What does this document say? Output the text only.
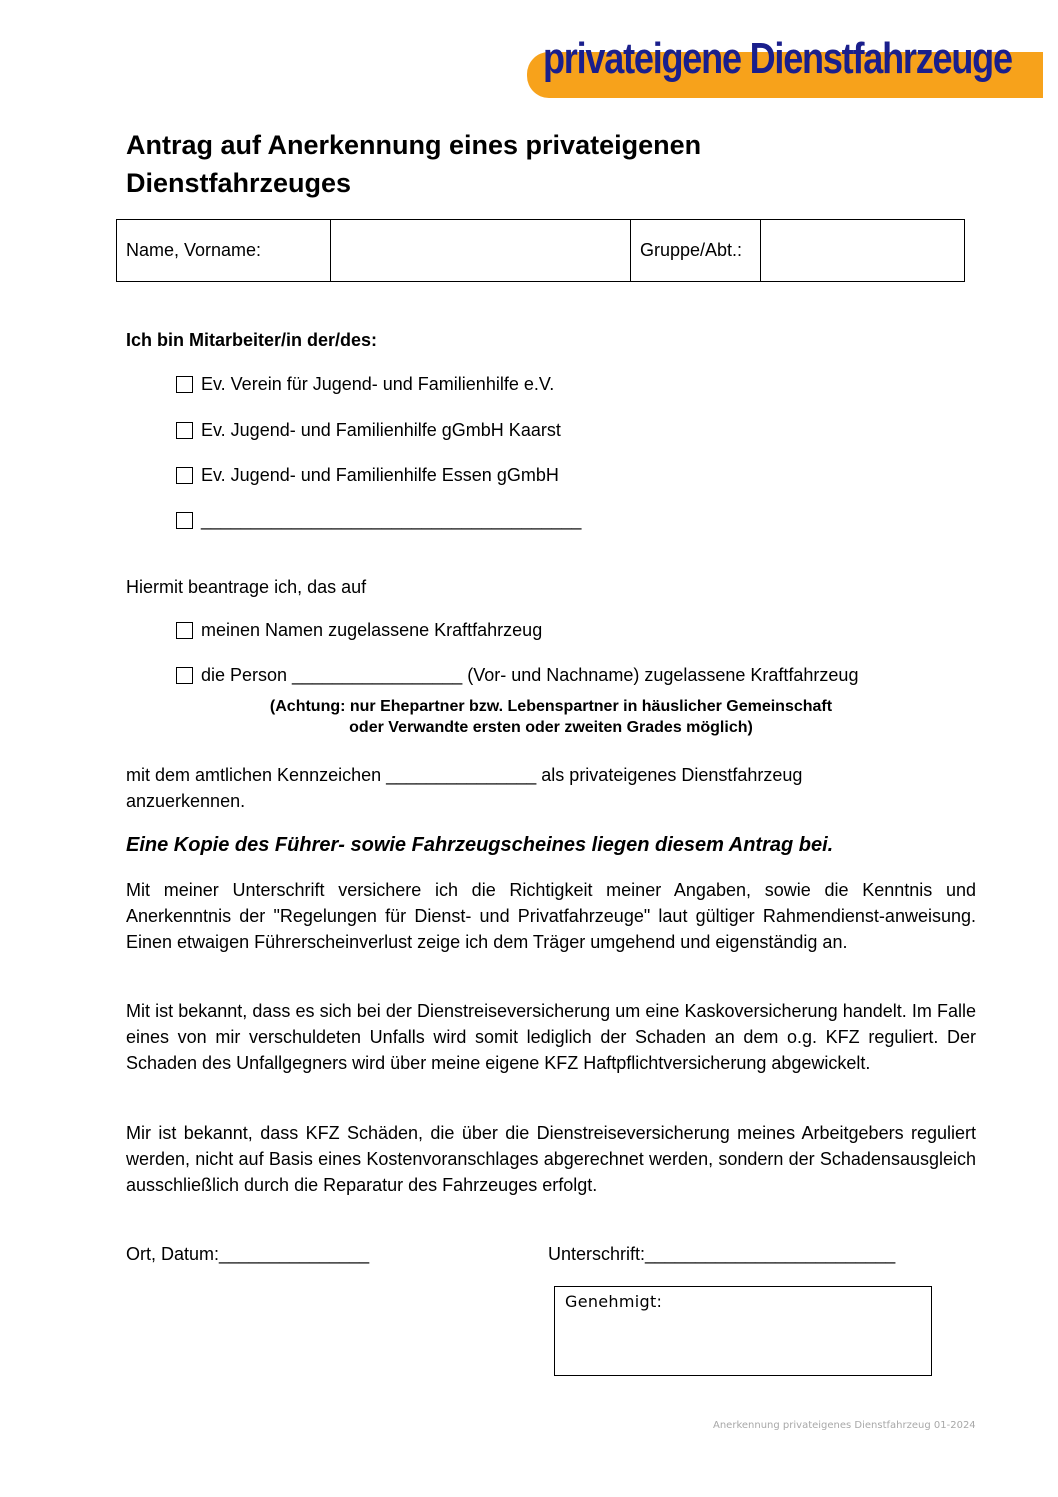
privateigene Dienstfahrzeuge
Antrag auf Anerkennung eines privateigenen Dienstfahrzeuges
Name, Vorname:		Gruppe/Abt.:	
Ich bin Mitarbeiter/in der/des:
Ev. Verein für Jugend- und Familienhilfe e.V.
Ev. Jugend- und Familienhilfe gGmbH Kaarst
Ev. Jugend- und Familienhilfe Essen gGmbH
______________________________________
Hiermit beantrage ich, das auf
meinen Namen zugelassene Kraftfahrzeug
die Person _________________ (Vor- und Nachname) zugelassene Kraftfahrzeug
(Achtung: nur Ehepartner bzw. Lebenspartner in häuslicher Gemeinschaft
oder Verwandte ersten oder zweiten Grades möglich)
mit dem amtlichen Kennzeichen _______________ als privateigenes Dienstfahrzeug
anzuerkennen.
Eine Kopie des Führer- sowie Fahrzeugscheines liegen diesem Antrag bei.
Mit meiner Unterschrift versichere ich die Richtigkeit meiner Angaben, sowie die Kenntnis und Anerkenntnis der "Regelungen für Dienst- und Privatfahrzeuge" laut gültiger Rahmendienst-anweisung. Einen etwaigen Führerscheinverlust zeige ich dem Träger umgehend und eigenständig an.
Mit ist bekannt, dass es sich bei der Dienstreiseversicherung um eine Kaskoversicherung handelt. Im Falle eines von mir verschuldeten Unfalls wird somit lediglich der Schaden an dem o.g. KFZ reguliert. Der Schaden des Unfallgegners wird über meine eigene KFZ Haftpflichtversicherung abgewickelt.
Mir ist bekannt, dass KFZ Schäden, die über die Dienstreiseversicherung meines Arbeitgebers reguliert werden, nicht auf Basis eines Kostenvoranschlages abgerechnet werden, sondern der Schadensausgleich ausschließlich durch die Reparatur des Fahrzeuges erfolgt.
Ort, Datum:_______________	Unterschrift:_________________________
Genehmigt:
Anerkennung privateigenes Dienstfahrzeug 01-2024
